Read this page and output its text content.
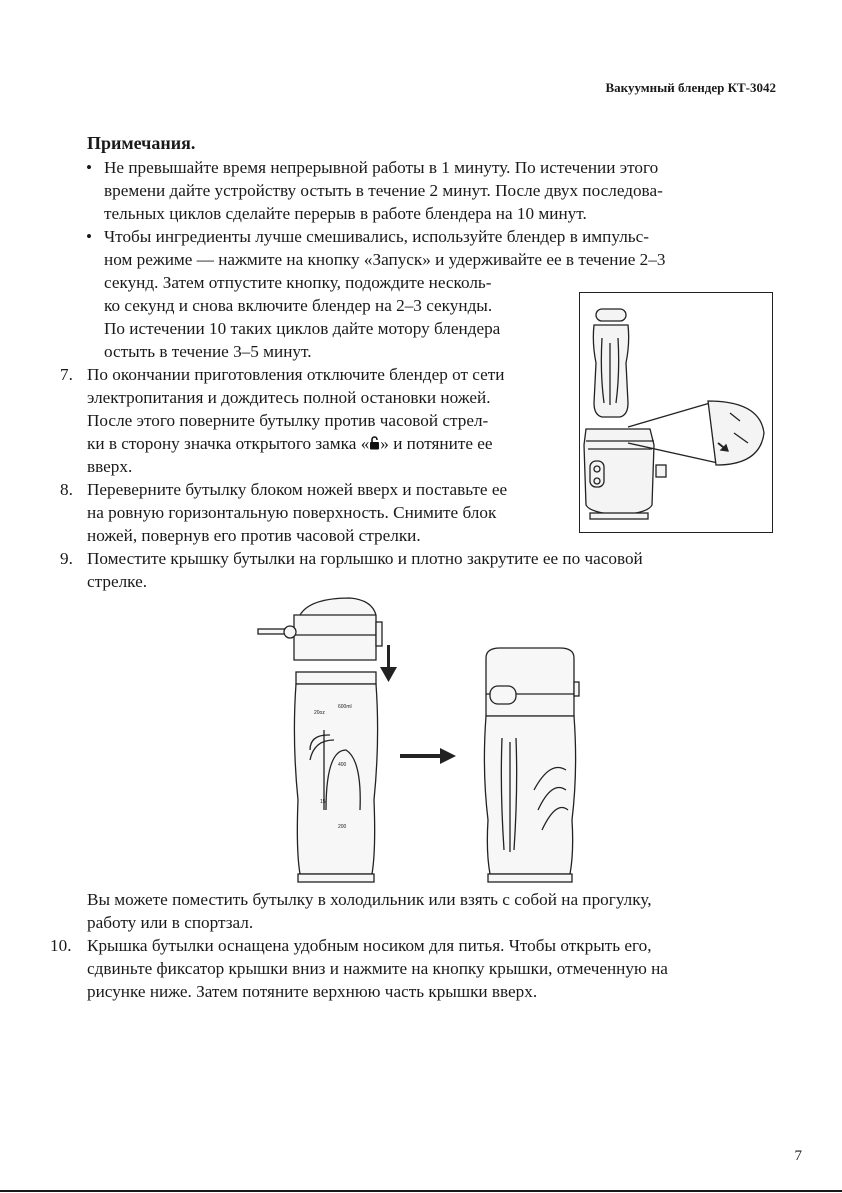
Вакуумный блендер КТ-3042
Примечания.
• Не превышайте время непрерывной работы в 1 минуту. По истечении этого
времени дайте устройству остыть в течение 2 минут. После двух последова-
тельных циклов сделайте перерыв в работе блендера на 10 минут.
• Чтобы ингредиенты лучше смешивались, используйте блендер в импульс-
ном режиме — нажмите на кнопку «Запуск» и удерживайте ее в течение 2–3
секунд. Затем отпустите кнопку, подождите несколь-
ко секунд и снова включите блендер на 2–3 секунды.
По истечении 10 таких циклов дайте мотору блендера
остыть в течение 3–5 минут.
7. По окончании приготовления отключите блендер от сети
электропитания и дождитесь полной остановки ножей.
После этого поверните бутылку против часовой стрел-
ки в сторону значка открытого замка « » и потяните ее
вверх.
8. Переверните бутылку блоком ножей вверх и поставьте ее
на ровную горизонтальную поверхность. Снимите блок
ножей, повернув его против часовой стрелки.
9. Поместите крышку бутылки на горлышко и плотно закрутите ее по часовой
стрелке.
Вы можете поместить бутылку в холодильник или взять с собой на прогулку,
работу или в спортзал.
10. Крышка бутылки оснащена удобным носиком для питья. Чтобы открыть его,
сдвиньте фиксатор крышки вниз и нажмите на кнопку крышки, отмеченную на
рисунке ниже. Затем потяните верхнюю часть крышки вверх.
600ml
20oz
400
15
200
7
